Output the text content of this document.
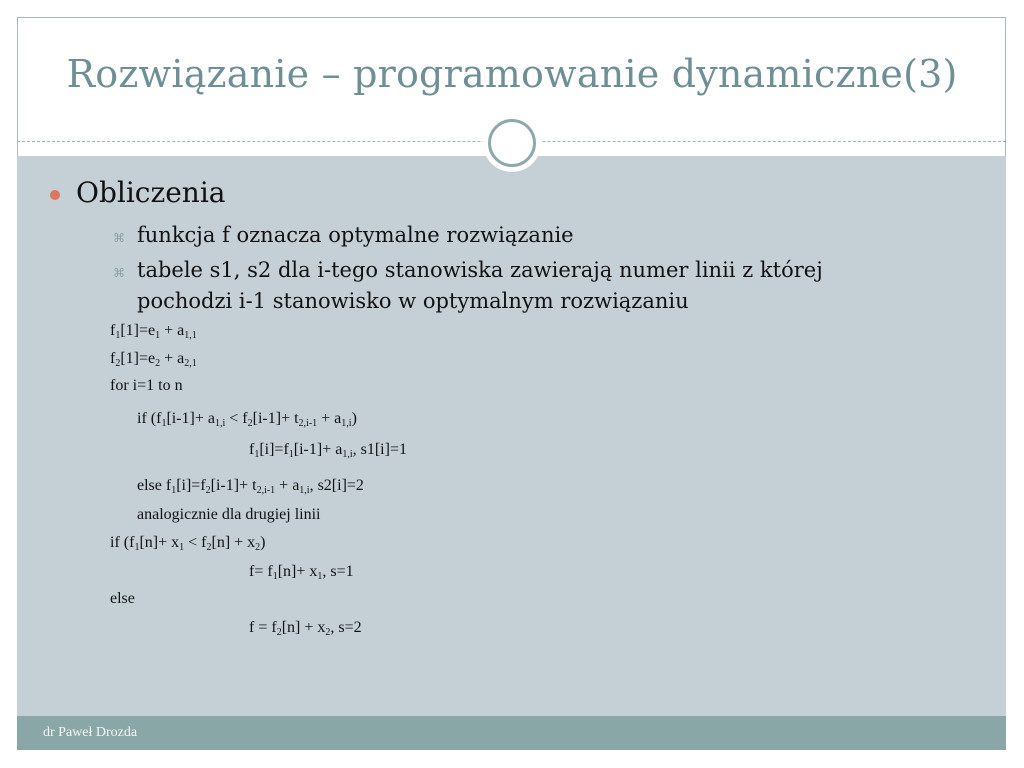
Rozwiązanie – programowanie dynamiczne(3)
Obliczenia
⌘ funkcja f oznacza optymalne rozwiązanie
⌘ tabele s1, s2 dla i-tego stanowiska zawierają numer linii z której
pochodzi i-1 stanowisko w optymalnym rozwiązaniu
$f_1[1]=e_1 + a_{1,1}$
$f_2[1]=e_2 + a_{2,1}$
for i=1 to n
if $(f_1[i-1]+ a_{1,i} < f_2[i-1]+ t_{2,i-1} + a_{1,i})$
$f_1[i]=f_1[i-1]+ a_{1,i}$, s1[i]=1
else $f_1[i]=f_2[i-1]+ t_{2,i-1} + a_{1,i}$, s2[i]=2
analogicznie dla drugiej linii
if $(f_1[n]+ x_1 < f_2[n] + x_2)$
$f= f_1[n]+ x_1$, s=1
else
$f = f_2[n] + x_2$, s=2
dr Paweł Drozda
